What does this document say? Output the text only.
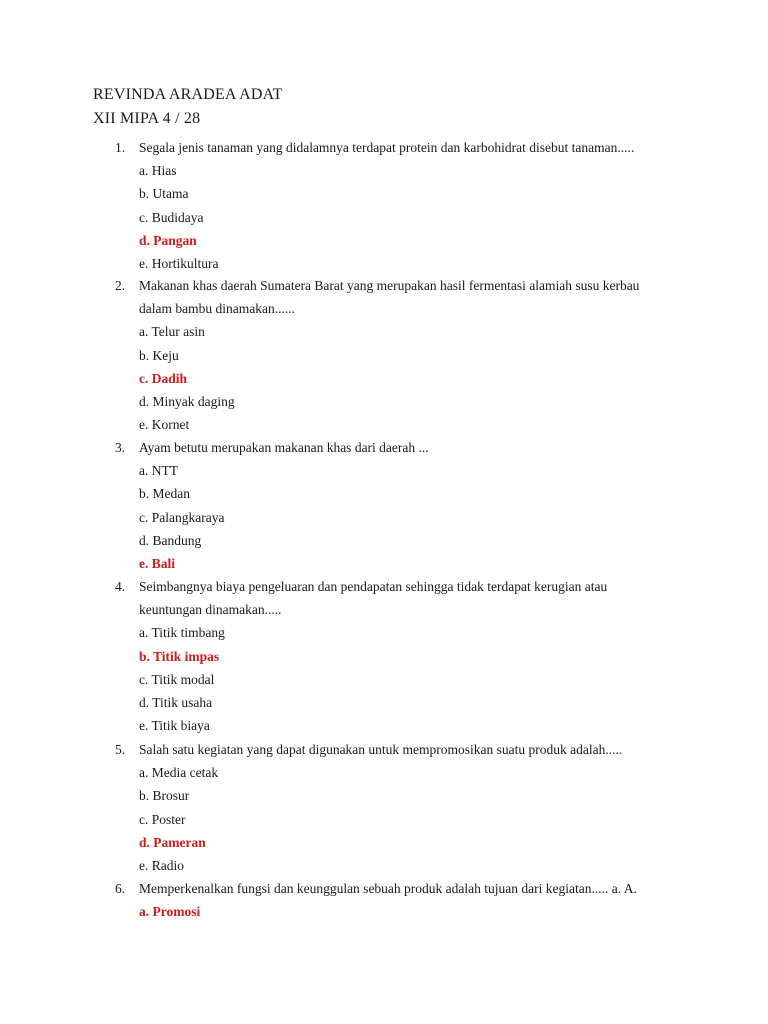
REVINDA ARADEA ADAT
XII MIPA 4 / 28
1. Segala jenis tanaman yang didalamnya terdapat protein dan karbohidrat disebut tanaman.....
a. Hias
b. Utama
c. Budidaya
d. Pangan
e. Hortikultura
2. Makanan khas daerah Sumatera Barat yang merupakan hasil fermentasi alamiah susu kerbau
dalam bambu dinamakan......
a. Telur asin
b. Keju
c. Dadih
d. Minyak daging
e. Kornet
3. Ayam betutu merupakan makanan khas dari daerah ...
a. NTT
b. Medan
c. Palangkaraya
d. Bandung
e. Bali
4. Seimbangnya biaya pengeluaran dan pendapatan sehingga tidak terdapat kerugian atau
keuntungan dinamakan.....
a. Titik timbang
b. Titik impas
c. Titik modal
d. Titik usaha
e. Titik biaya
5. Salah satu kegiatan yang dapat digunakan untuk mempromosikan suatu produk adalah.....
a. Media cetak
b. Brosur
c. Poster
d. Pameran
e. Radio
6. Memperkenalkan fungsi dan keunggulan sebuah produk adalah tujuan dari kegiatan..... a. A.
a. Promosi
